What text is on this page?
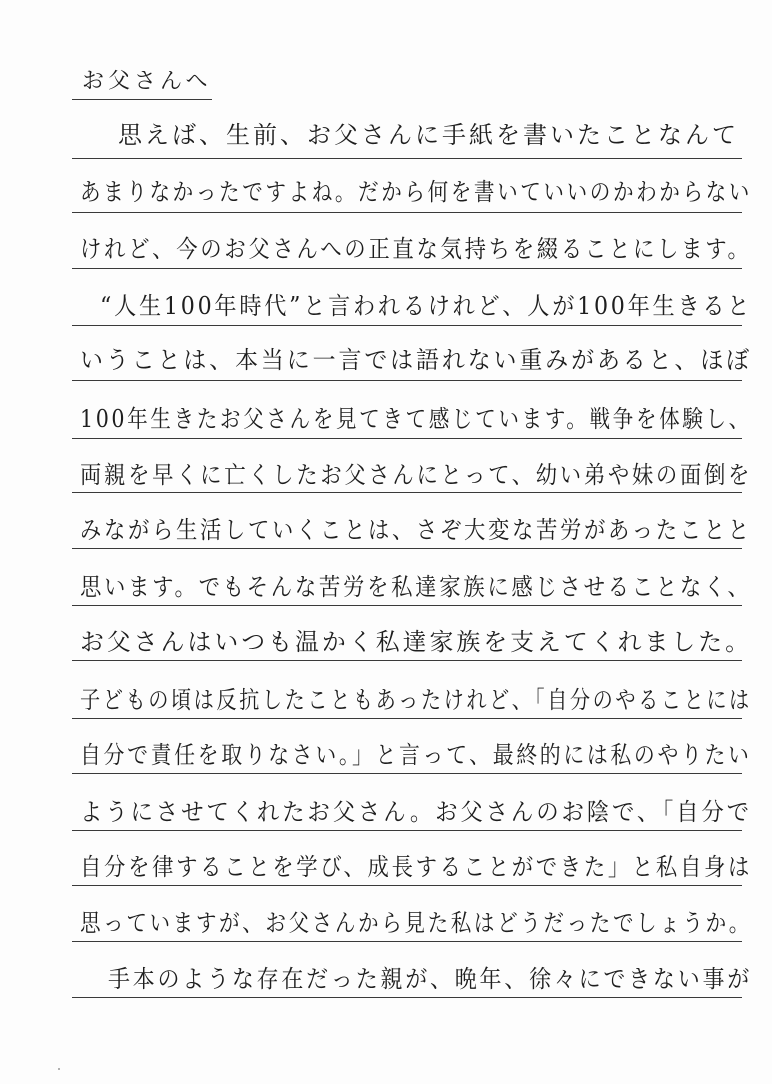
お父さんへ
思えば、生前、お父さんに手紙を書いたことなんて
あまりなかったですよね。だから何を書いていいのかわからない
けれど、今のお父さんへの正直な気持ちを綴ることにします。
“人生100年時代”と言われるけれど、人が100年生きると
いうことは、本当に一言では語れない重みがあると、ほぼ
100年生きたお父さんを見てきて感じています。戦争を体験し、
両親を早くに亡くしたお父さんにとって、幼い弟や妹の面倒を
みながら生活していくことは、さぞ大変な苦労があったことと
思います。でもそんな苦労を私達家族に感じさせることなく、
お父さんはいつも温かく私達家族を支えてくれました。
子どもの頃は反抗したこともあったけれど、「自分のやることには
自分で責任を取りなさい。」と言って、最終的には私のやりたい
ようにさせてくれたお父さん。お父さんのお陰で、「自分で
自分を律することを学び、成長することができた」と私自身は
思っていますが、お父さんから見た私はどうだったでしょうか。
手本のような存在だった親が、晩年、徐々にできない事が
